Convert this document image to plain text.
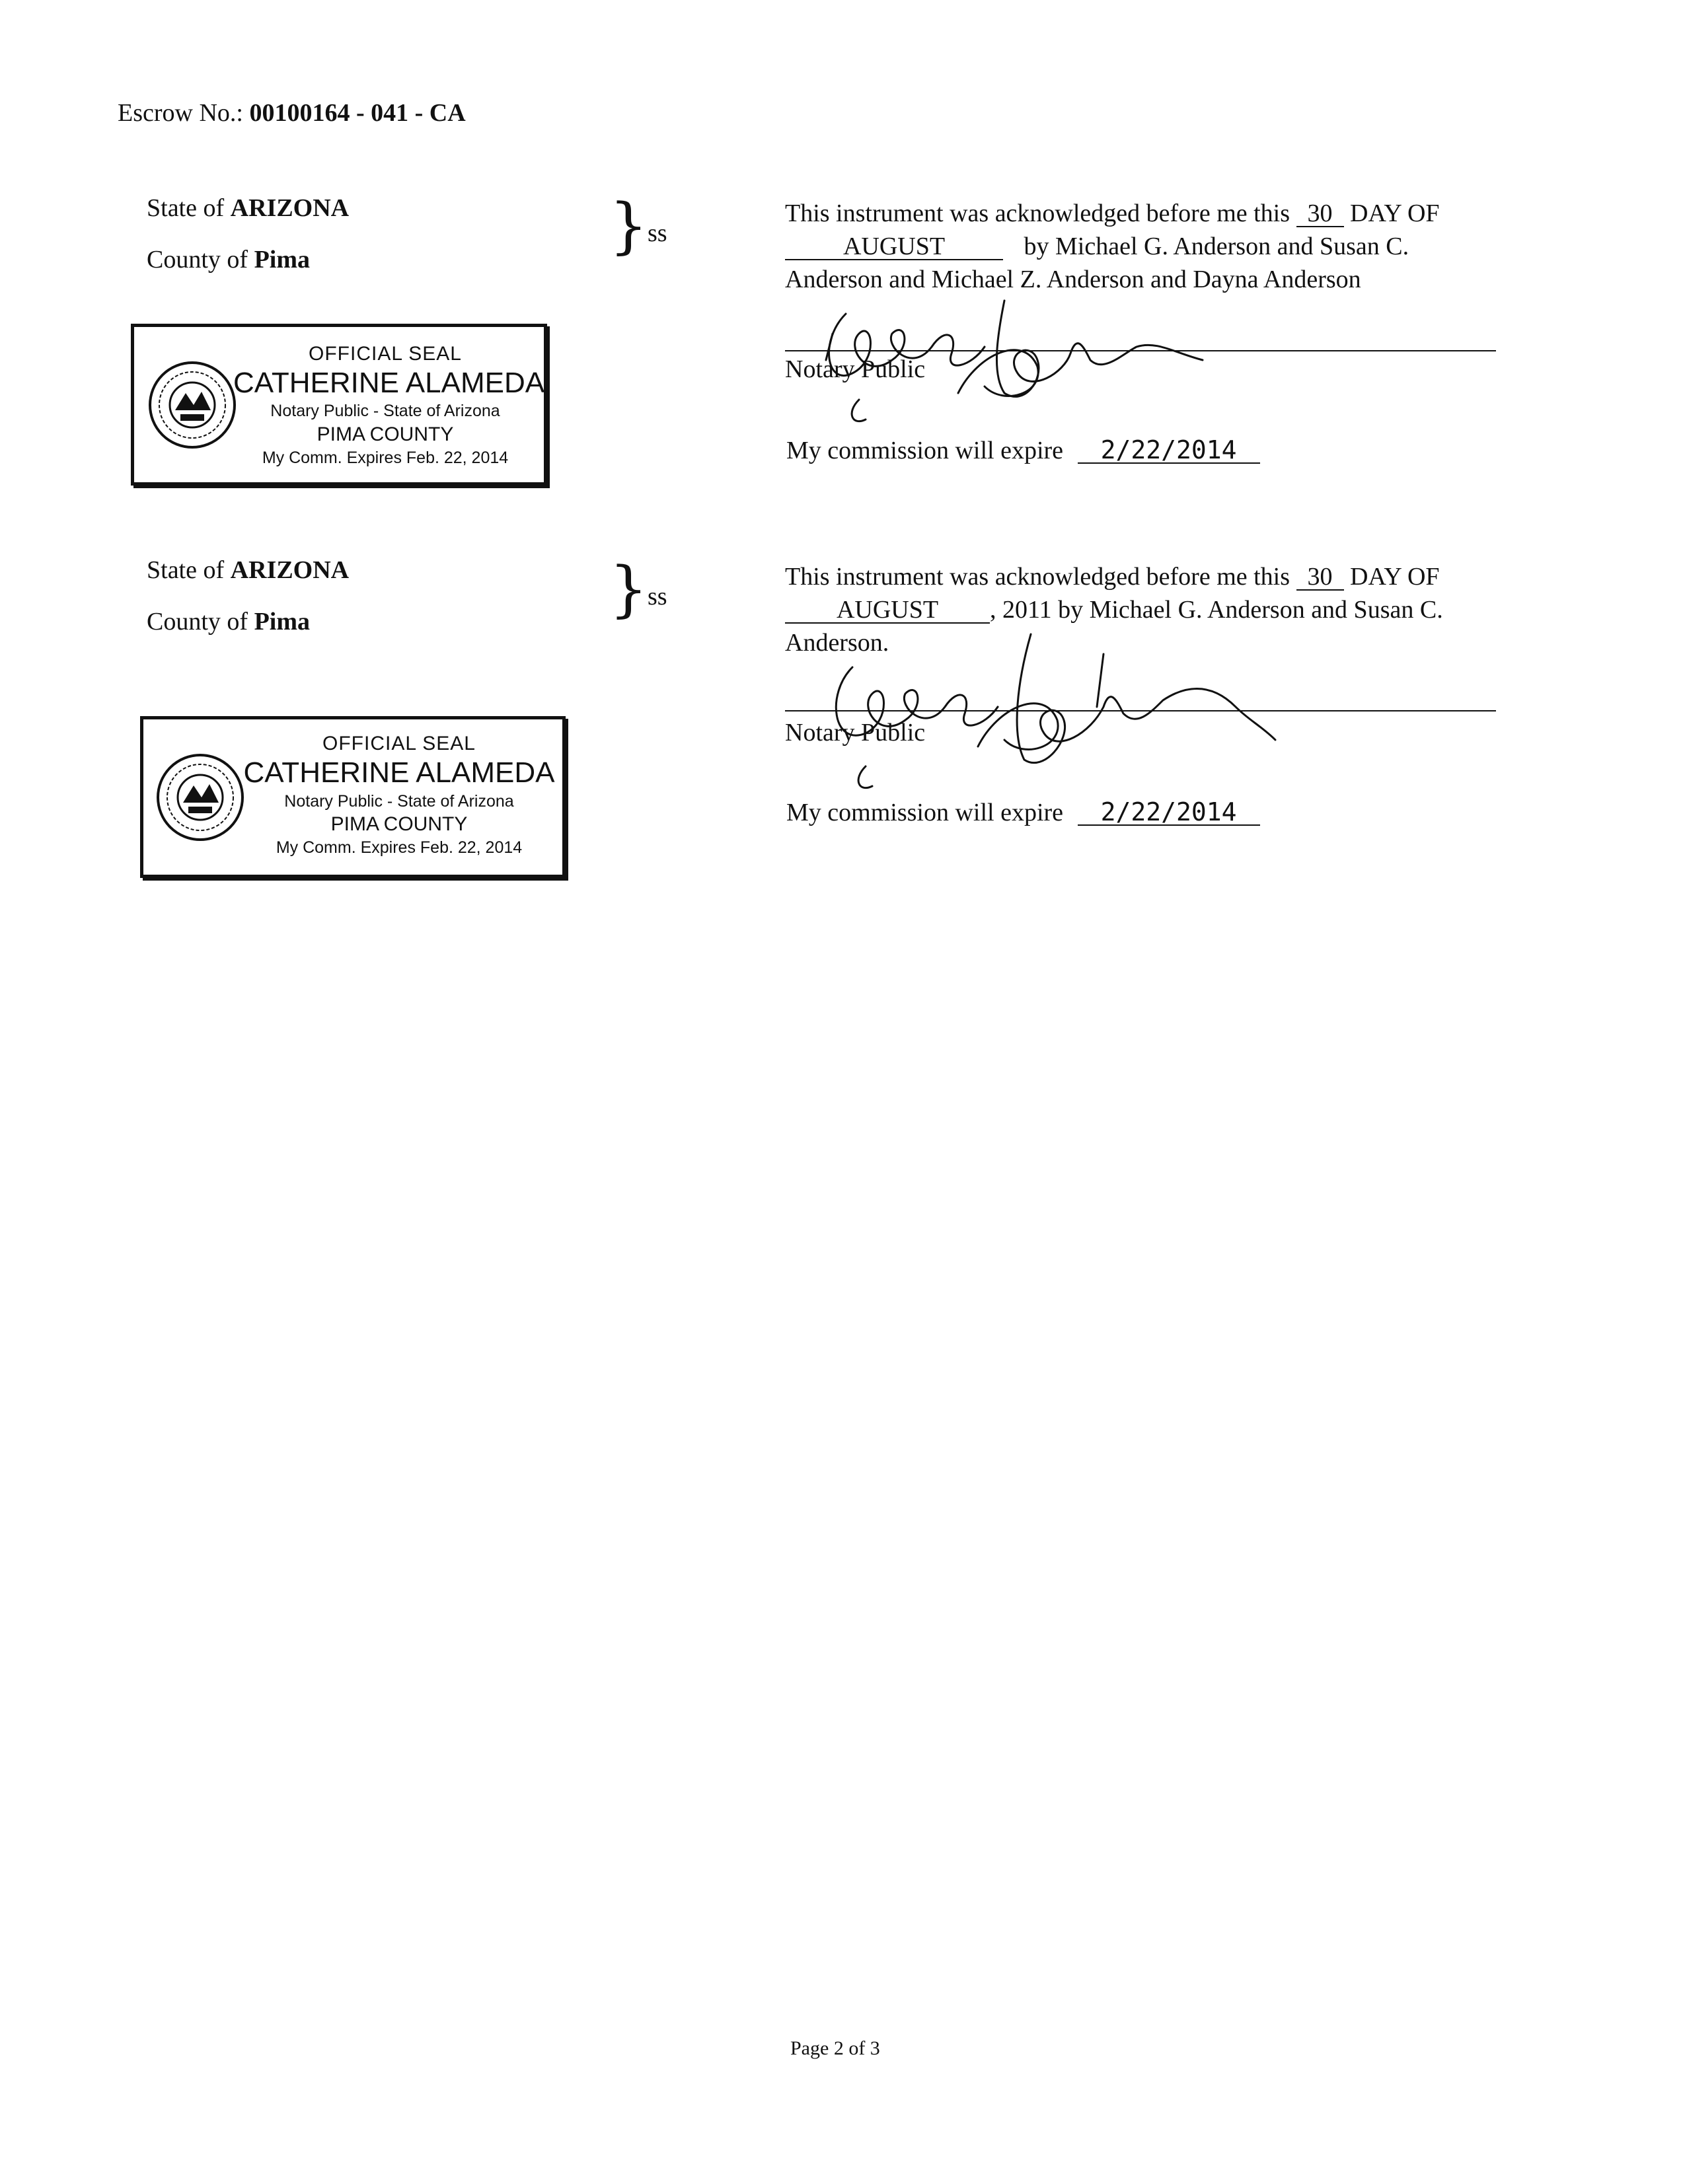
Escrow No.: 00100164 - 041 - CA
State of ARIZONA
County of Pima	} ss
This instrument was acknowledged before me this 30 DAY OF
AUGUST	by Michael G. Anderson and Susan C.
Anderson and Michael Z. Anderson and Dayna Anderson
Notary Public
My commission will expire 2/22/2014
OFFICIAL SEAL
CATHERINE ALAMEDA
Notary Public - State of Arizona
PIMA COUNTY
My Comm. Expires Feb. 22, 2014
State of ARIZONA
County of Pima	} ss
This instrument was acknowledged before me this 30 DAY OF
AUGUST , 2011 by Michael G. Anderson and Susan C.
Anderson.
Notary Public
My commission will expire 2/22/2014
OFFICIAL SEAL
CATHERINE ALAMEDA
Notary Public - State of Arizona
PIMA COUNTY
My Comm. Expires Feb. 22, 2014
Page 2 of 3
